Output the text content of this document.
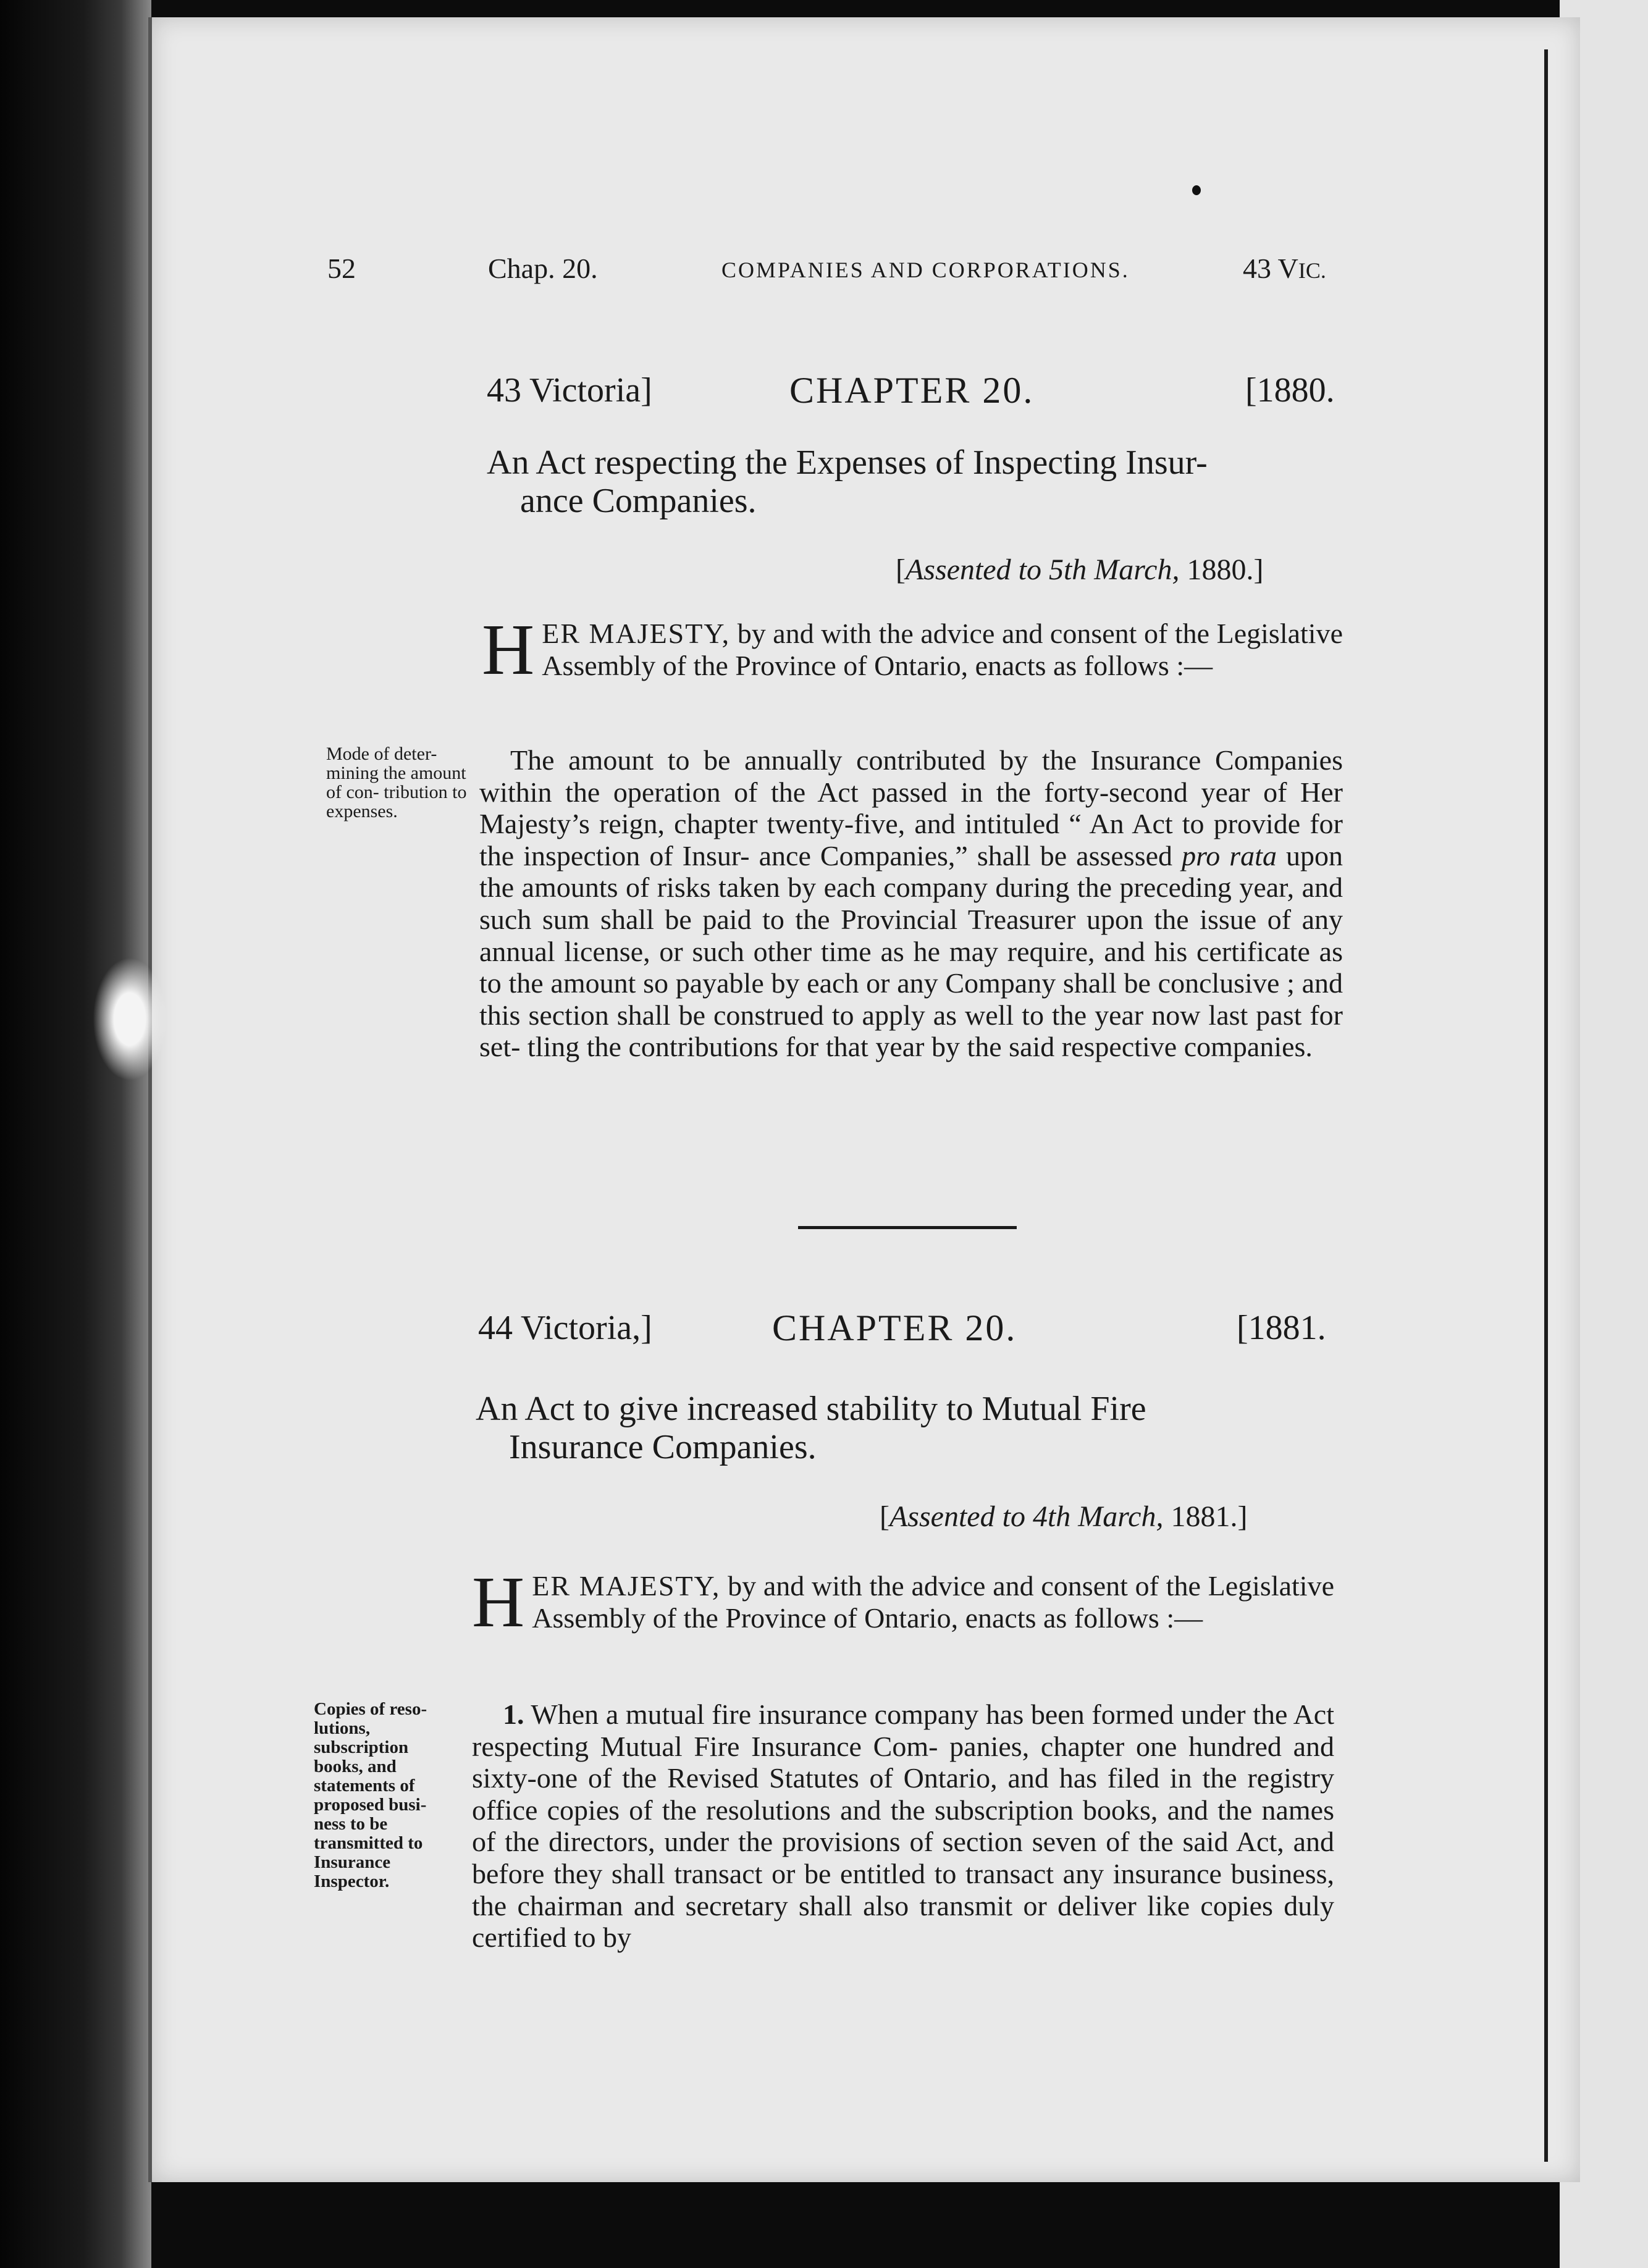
52	Chap. 20.	COMPANIES AND CORPORATIONS.	43 VIC.
43 Victoria]	CHAPTER 20.	[1880.
An Act respecting the Expenses of Inspecting Insur-
ance Companies.
[Assented to 5th March, 1880.]
HER MAJESTY, by and with the advice and consent of the Legislative Assembly of the Province of Ontario, enacts as follows :—
Mode of deter- mining the amount of con- tribution to expenses.
The amount to be annually contributed by the Insurance Companies within the operation of the Act passed in the forty-second year of Her Majesty’s reign, chapter twenty-five, and intituled “ An Act to provide for the inspection of Insur- ance Companies,” shall be assessed pro rata upon the amounts of risks taken by each company during the preceding year, and such sum shall be paid to the Provincial Treasurer upon the issue of any annual license, or such other time as he may require, and his certificate as to the amount so payable by each or any Company shall be conclusive ; and this section shall be construed to apply as well to the year now last past for set- tling the contributions for that year by the said respective companies.
44 Victoria,]	CHAPTER 20.	[1881.
An Act to give increased stability to Mutual Fire
Insurance Companies.
[Assented to 4th March, 1881.]
HER MAJESTY, by and with the advice and consent of the Legislative Assembly of the Province of Ontario, enacts as follows :—
Copies of reso- lutions, subscription books, and statements of proposed busi- ness to be transmitted to Insurance Inspector.
1. When a mutual fire insurance company has been formed under the Act respecting Mutual Fire Insurance Com- panies, chapter one hundred and sixty-one of the Revised Statutes of Ontario, and has filed in the registry office copies of the resolutions and the subscription books, and the names of the directors, under the provisions of section seven of the said Act, and before they shall transact or be entitled to transact any insurance business, the chairman and secretary shall also transmit or deliver like copies duly certified to by
